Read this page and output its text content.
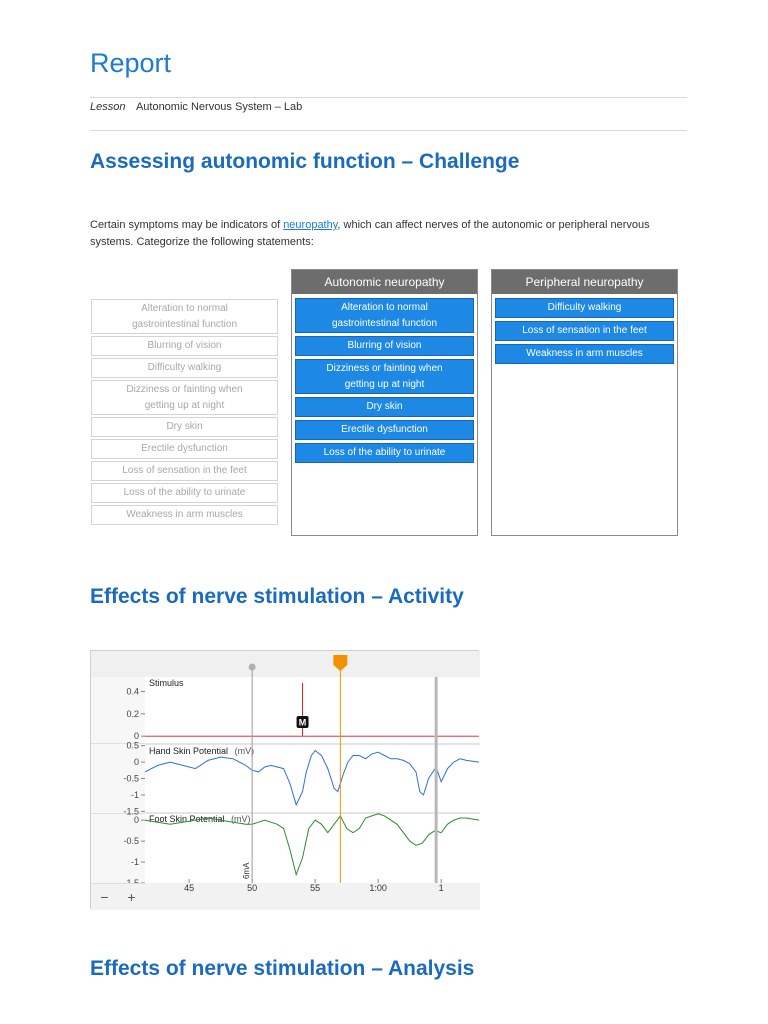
Report
Lesson Autonomic Nervous System – Lab
Assessing autonomic function – Challenge
Certain symptoms may be indicators of neuropathy, which can affect nerves of the autonomic or peripheral nervous systems. Categorize the following statements:
Alteration to normal gastrointestinal function
Blurring of vision
Difficulty walking
Dizziness or fainting when getting up at night
Dry skin
Erectile dysfunction
Loss of sensation in the feet
Loss of the ability to urinate
Weakness in arm muscles
Autonomic neuropathy
Alteration to normal gastrointestinal function
Blurring of vision
Dizziness or fainting when getting up at night
Dry skin
Erectile dysfunction
Loss of the ability to urinate
Peripheral neuropathy
Difficulty walking
Loss of sensation in the feet
Weakness in arm muscles
Effects of nerve stimulation – Activity
Stimulus
Hand Skin Potential (mV)
Foot Skin Potential (mV)
0.4
0.2
0
0.5
0
-0.5
-1
-1.5
0
-0.5
-1
45	50	55	1:00	1
6mA
M
−	+
Effects of nerve stimulation – Analysis
